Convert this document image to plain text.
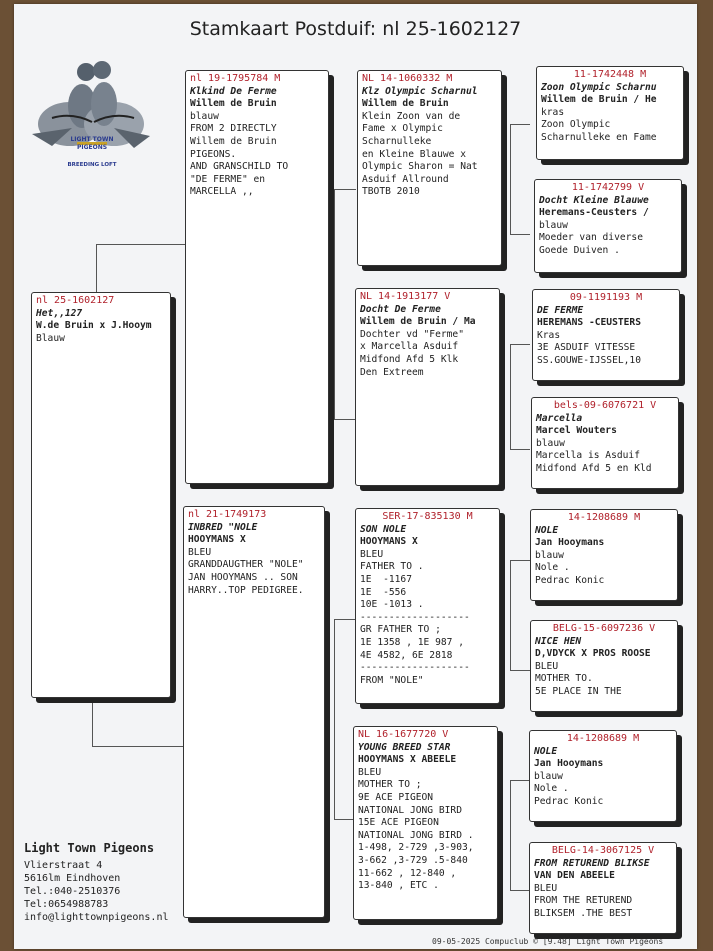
Stamkaart Postduif: nl 25-1602127
LIGHT TOWN
PIGEONS
BREEDING LOFT
nl 25-1602127
Het,,127
W.de Bruin x J.Hooym
Blauw
nl 19-1795784 M
Klkind De Ferme
Willem de Bruin
blauw
FROM 2 DIRECTLY
Willem de Bruin
PIGEONS.
AND GRANSCHILD TO
"DE FERME" en
MARCELLA ,,
nl 21-1749173
INBRED "NOLE
HOOYMANS X
BLEU
GRANDDAUGTHER "NOLE"
JAN HOOYMANS .. SON
HARRY..TOP PEDIGREE.
NL 14-1060332 M
Klz Olympic Scharnul
Willem de Bruin
Klein Zoon van de
Fame x Olympic
Scharnulleke
en Kleine Blauwe x
Olympic Sharon = Nat
Asduif Allround
TBOTB 2010
NL 14-1913177 V
Docht De Ferme
Willem de Bruin / Ma
Dochter vd "Ferme"
x Marcella Asduif
Midfond Afd 5 Klk
Den Extreem
SER-17-835130 M
SON NOLE
HOOYMANS X
BLEU
FATHER TO .
1E  -1167
1E  -556
10E -1013 .
-------------------
GR FATHER TO ;
1E 1358 , 1E 987 ,
4E 4582, 6E 2818
-------------------
FROM "NOLE"
NL 16-1677720 V
YOUNG BREED STAR
HOOYMANS X ABEELE
BLEU
MOTHER TO ;
9E ACE PIGEON
NATIONAL JONG BIRD
15E ACE PIGEON
NATIONAL JONG BIRD .
1-498, 2-729 ,3-903,
3-662 ,3-729 .5-840
11-662 , 12-840 ,
13-840 , ETC .
11-1742448 M
Zoon Olympic Scharnu
Willem de Bruin / He
kras
Zoon Olympic
Scharnulleke en Fame
11-1742799 V
Docht Kleine Blauwe
Heremans-Ceusters /
blauw
Moeder van diverse
Goede Duiven .
09-1191193 M
DE FERME
HEREMANS -CEUSTERS
Kras
3E ASDUIF VITESSE
SS.GOUWE-IJSSEL,10
bels-09-6076721 V
Marcella
Marcel Wouters
blauw
Marcella is Asduif
Midfond Afd 5 en Kld
14-1208689 M
NOLE
Jan Hooymans
blauw
Nole .
Pedrac Konic
BELG-15-6097236 V
NICE HEN
D,VDYCK X PROS ROOSE
BLEU
MOTHER TO.
5E PLACE IN THE
14-1208689 M
NOLE
Jan Hooymans
blauw
Nole .
Pedrac Konic
BELG-14-3067125 V
FROM RETUREND BLIKSE
VAN DEN ABEELE
BLEU
FROM THE RETUREND
BLIKSEM .THE BEST
Light Town Pigeons
Vlierstraat 4
5616lm Eindhoven
Tel.:040-2510376
Tel:0654988783
info@lighttownpigeons.nl
09-05-2025 Compuclub © [9.48] Light Town Pigeons
